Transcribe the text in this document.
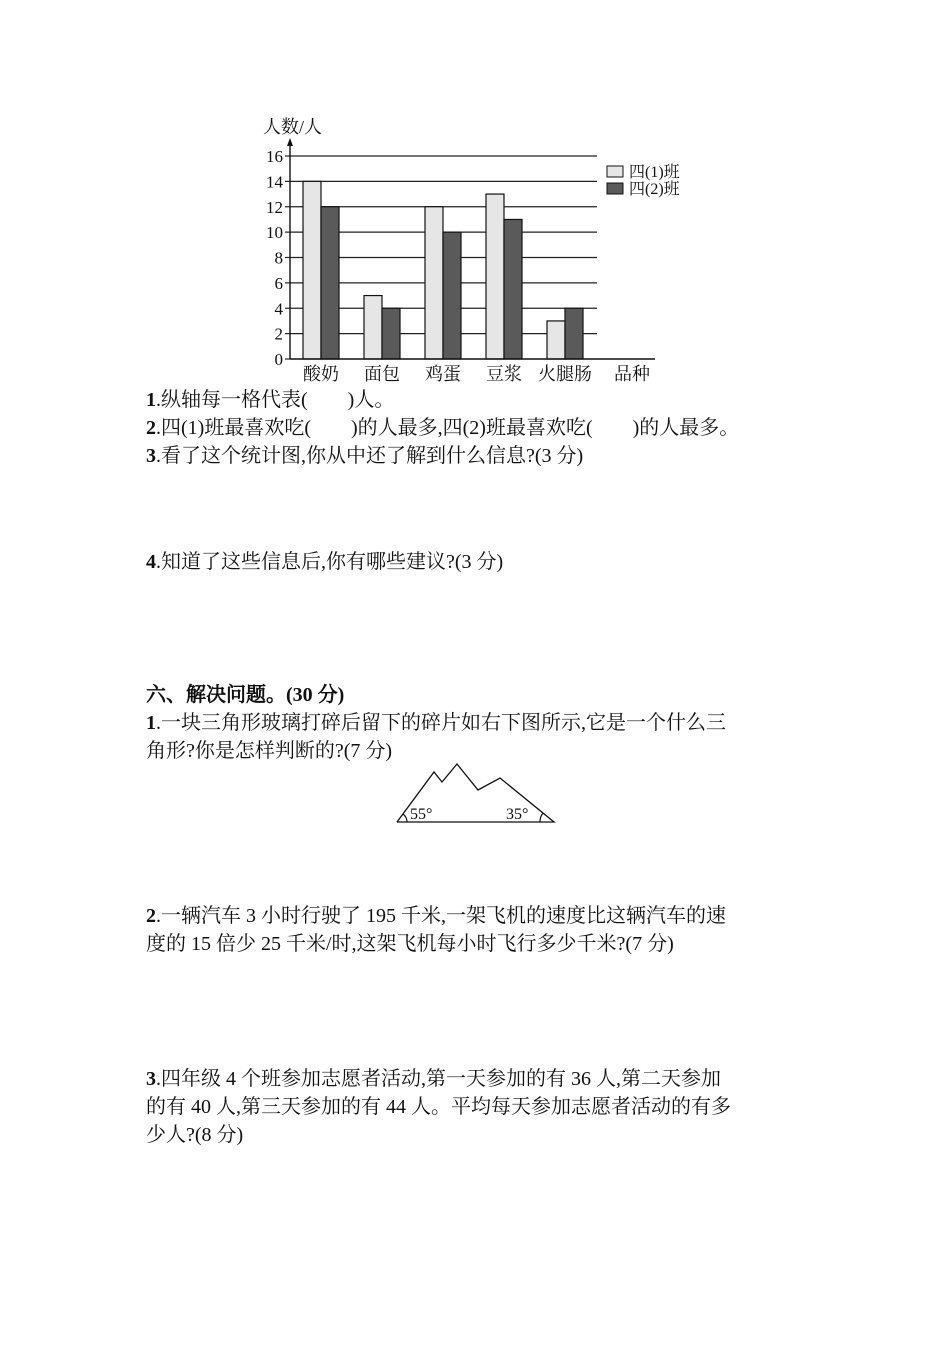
0
2
4
6
8
10
12
14
16
酸奶 面包 鸡蛋 豆浆 火腿肠
四(1)班
四(2)班
人数/人
品种

1.纵轴每一格代表(　　)人。

2.四(1)班最喜欢吃(　　)的人最多,四(2)班最喜欢吃(　　)的人最多。

3.看了这个统计图,你从中还了解到什么信息?(3 分)

4.知道了这些信息后,你有哪些建议?(3 分)

六、解决问题。(30 分)

1.一块三角形玻璃打碎后留下的碎片如右下图所示,它是一个什么三

角形?你是怎样判断的?(7 分)

55°	35°

2.一辆汽车 3 小时行驶了 195 千米,一架飞机的速度比这辆汽车的速

度的 15 倍少 25 千米/时,这架飞机每小时飞行多少千米?(7 分)

3.四年级 4 个班参加志愿者活动,第一天参加的有 36 人,第二天参加

的有 40 人,第三天参加的有 44 人。平均每天参加志愿者活动的有多

少人?(8 分)
